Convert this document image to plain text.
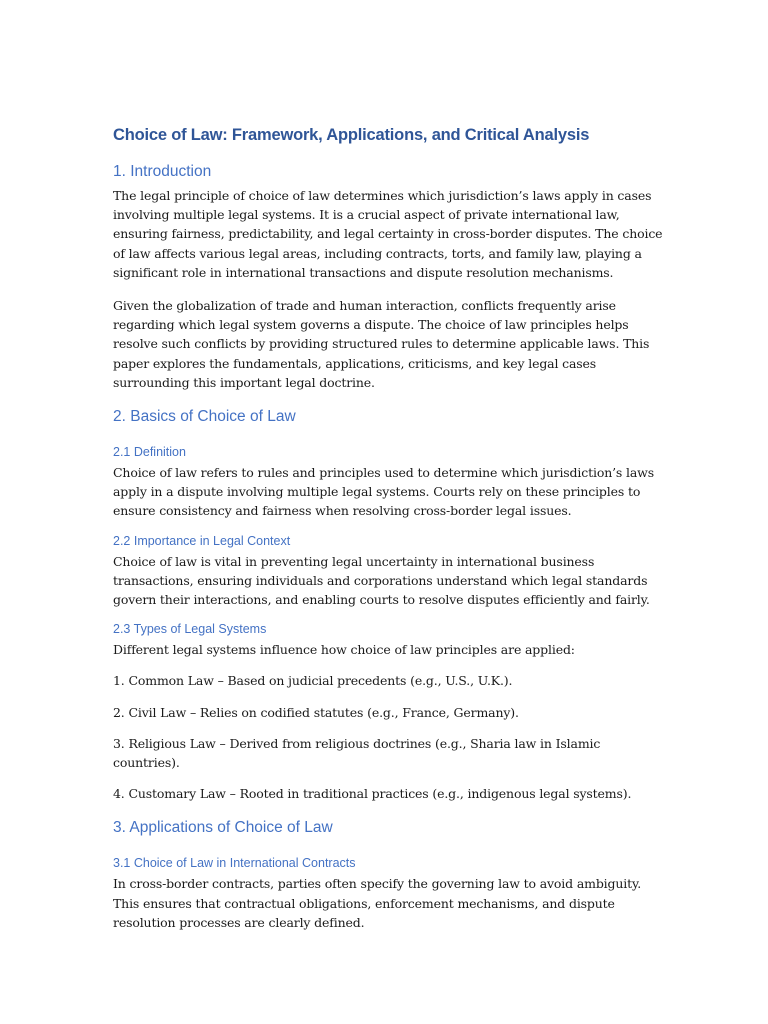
Choice of Law: Framework, Applications, and Critical Analysis
1. Introduction

The legal principle of choice of law determines which jurisdiction’s laws apply in cases involving multiple legal systems. It is a crucial aspect of private international law, ensuring fairness, predictability, and legal certainty in cross-border disputes. The choice of law affects various legal areas, including contracts, torts, and family law, playing a significant role in international transactions and dispute resolution mechanisms.

Given the globalization of trade and human interaction, conflicts frequently arise regarding which legal system governs a dispute. The choice of law principles helps resolve such conflicts by providing structured rules to determine applicable laws. This paper explores the fundamentals, applications, criticisms, and key legal cases surrounding this important legal doctrine.

2. Basics of Choice of Law
2.1 Definition

Choice of law refers to rules and principles used to determine which jurisdiction’s laws apply in a dispute involving multiple legal systems. Courts rely on these principles to ensure consistency and fairness when resolving cross-border legal issues.

2.2 Importance in Legal Context

Choice of law is vital in preventing legal uncertainty in international business transactions, ensuring individuals and corporations understand which legal standards govern their interactions, and enabling courts to resolve disputes efficiently and fairly.

2.3 Types of Legal Systems

Different legal systems influence how choice of law principles are applied:

1. Common Law – Based on judicial precedents (e.g., U.S., U.K.).

2. Civil Law – Relies on codified statutes (e.g., France, Germany).

3. Religious Law – Derived from religious doctrines (e.g., Sharia law in Islamic countries).

4. Customary Law – Rooted in traditional practices (e.g., indigenous legal systems).

3. Applications of Choice of Law
3.1 Choice of Law in International Contracts

In cross-border contracts, parties often specify the governing law to avoid ambiguity. This ensures that contractual obligations, enforcement mechanisms, and dispute resolution processes are clearly defined.
